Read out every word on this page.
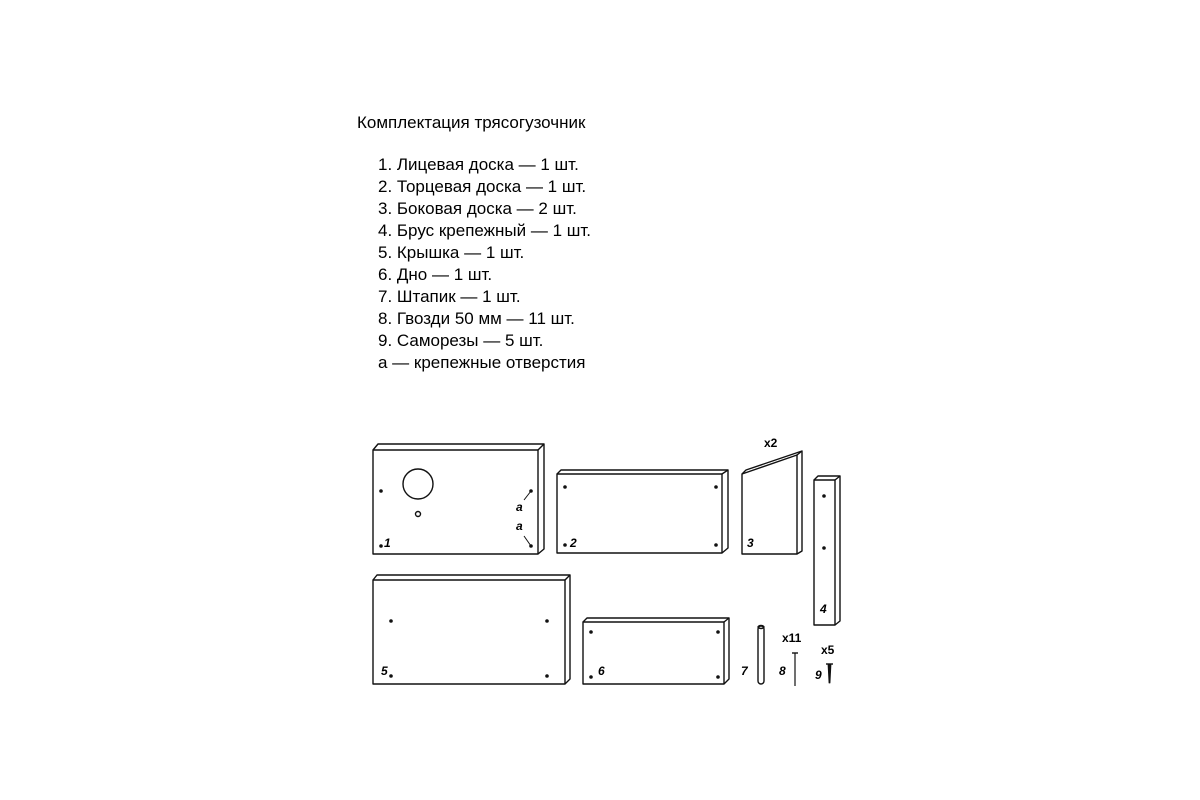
Комплектация трясогузочник
1. Лицевая доска — 1 шт.
2. Торцевая доска — 1 шт.
3. Боковая доска — 2 шт.
4. Брус крепежный — 1 шт.
5. Крышка — 1 шт.
6. Дно — 1 шт.
7. Штапик — 1 шт.
8. Гвозди 50 мм — 11 шт.
9. Саморезы — 5 шт.
а — крепежные отверстия
1
a
a
2	3
x2
4
5	6	7	8
x11
9
x5
